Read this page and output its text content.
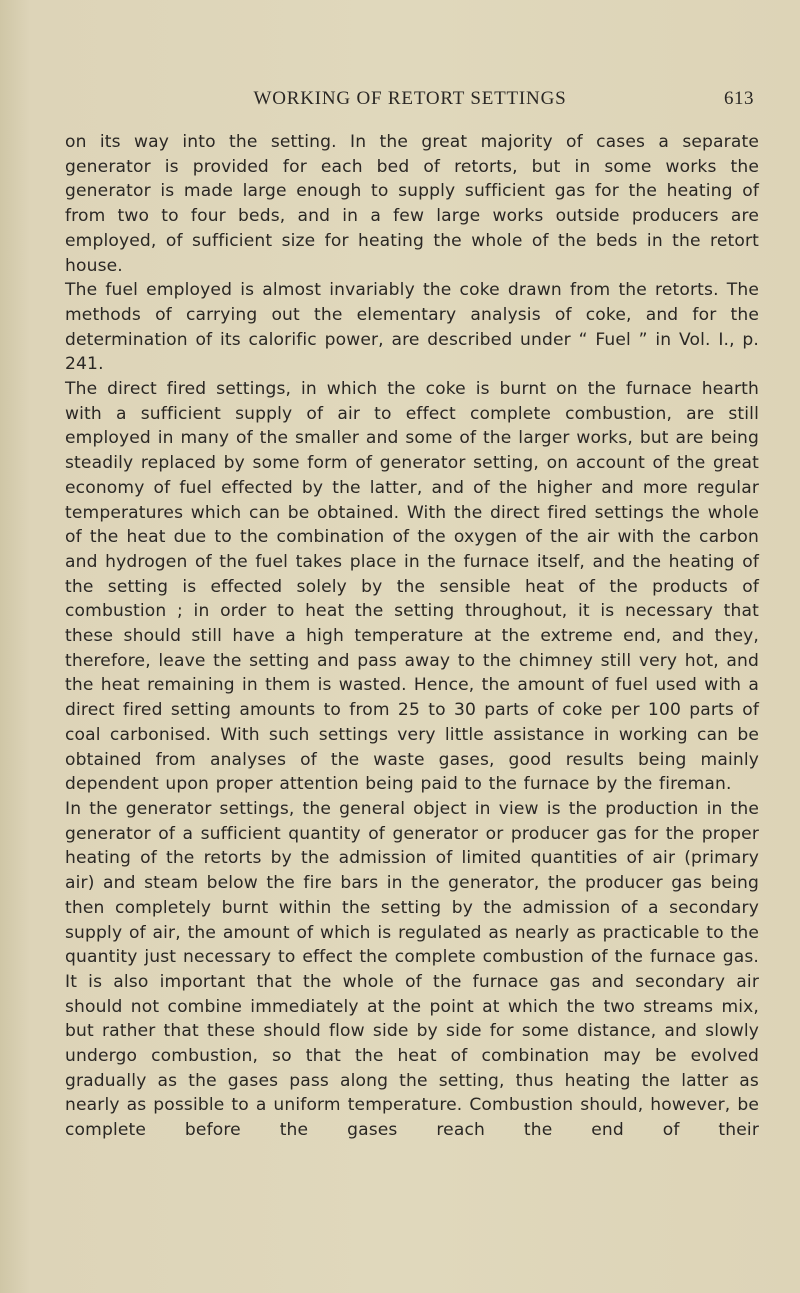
WORKING OF RETORT SETTINGS	613

on its way into the setting. In the great majority of cases a separate generator is provided for each bed of retorts, but in some works the generator is made large enough to supply sufficient gas for the heating of from two to four beds, and in a few large works outside producers are employed, of sufficient size for heating the whole of the beds in the retort house.

The fuel employed is almost invariably the coke drawn from the retorts. The methods of carrying out the elementary analysis of coke, and for the determination of its calorific power, are described under “ Fuel ” in Vol. I., p. 241.

The direct fired settings, in which the coke is burnt on the furnace hearth with a sufficient supply of air to effect complete combustion, are still employed in many of the smaller and some of the larger works, but are being steadily replaced by some form of generator setting, on account of the great economy of fuel effected by the latter, and of the higher and more regular temperatures which can be obtained. With the direct fired settings the whole of the heat due to the combination of the oxygen of the air with the carbon and hydrogen of the fuel takes place in the furnace itself, and the heating of the setting is effected solely by the sensible heat of the products of combustion ; in order to heat the setting throughout, it is necessary that these should still have a high temperature at the extreme end, and they, therefore, leave the setting and pass away to the chimney still very hot, and the heat remaining in them is wasted. Hence, the amount of fuel used with a direct fired setting amounts to from 25 to 30 parts of coke per 100 parts of coal carbonised. With such settings very little assistance in working can be obtained from analyses of the waste gases, good results being mainly dependent upon proper attention being paid to the furnace by the fireman.

In the generator settings, the general object in view is the production in the generator of a sufficient quantity of generator or producer gas for the proper heating of the retorts by the admission of limited quantities of air (primary air) and steam below the fire bars in the generator, the producer gas being then completely burnt within the setting by the admission of a secondary supply of air, the amount of which is regulated as nearly as practicable to the quantity just necessary to effect the complete combustion of the furnace gas. It is also important that the whole of the furnace gas and secondary air should not combine immediately at the point at which the two streams mix, but rather that these should flow side by side for some distance, and slowly undergo combustion, so that the heat of combination may be evolved gradually as the gases pass along the setting, thus heating the latter as nearly as possible to a uniform temperature. Combustion should, however, be complete before the gases reach the end of their
